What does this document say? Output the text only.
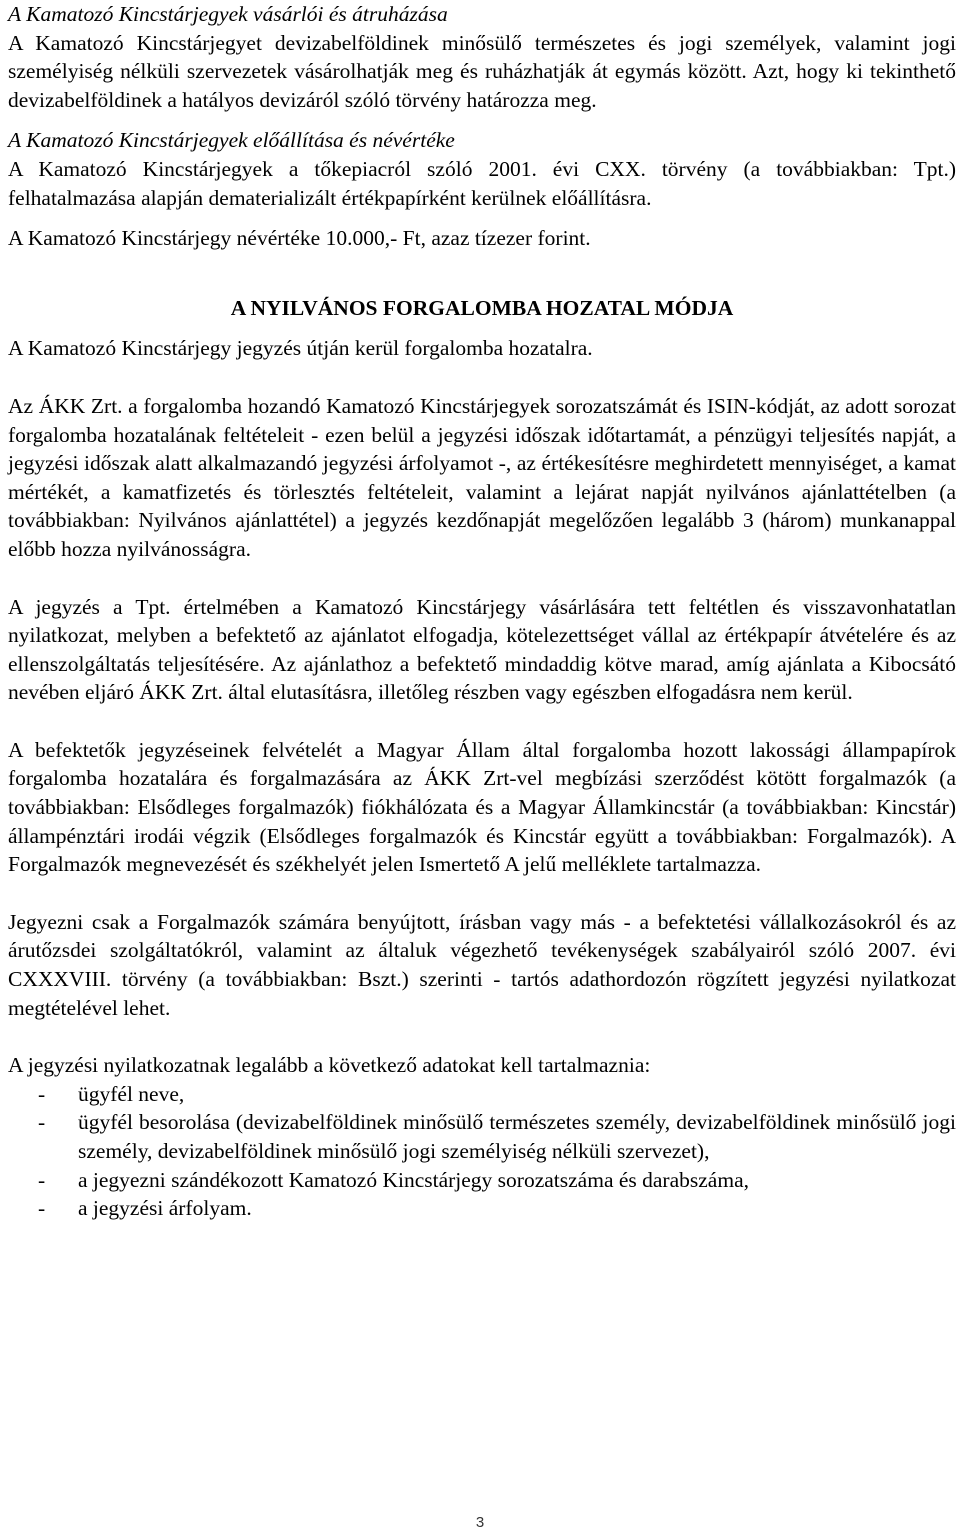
A Kamatozó Kincstárjegyek vásárlói és átruházása

A Kamatozó Kincstárjegyet devizabelföldinek minősülő természetes és jogi személyek, valamint jogi személyiség nélküli szervezetek vásárolhatják meg és ruházhatják át egymás között. Azt, hogy ki tekinthető devizabelföldinek a hatályos devizáról szóló törvény határozza meg.

A Kamatozó Kincstárjegyek előállítása és névértéke

A Kamatozó Kincstárjegyek a tőkepiacról szóló 2001. évi CXX. törvény (a továbbiakban: Tpt.) felhatalmazása alapján dematerializált értékpapírként kerülnek előállításra.

A Kamatozó Kincstárjegy névértéke 10.000,- Ft, azaz tízezer forint.

A NYILVÁNOS FORGALOMBA HOZATAL MÓDJA

A Kamatozó Kincstárjegy jegyzés útján kerül forgalomba hozatalra.

Az ÁKK Zrt. a forgalomba hozandó Kamatozó Kincstárjegyek sorozatszámát és ISIN-kódját, az adott sorozat forgalomba hozatalának feltételeit - ezen belül a jegyzési időszak időtartamát, a pénzügyi teljesítés napját, a jegyzési időszak alatt alkalmazandó jegyzési árfolyamot -, az értékesítésre meghirdetett mennyiséget, a kamat mértékét, a kamatfizetés és törlesztés feltételeit, valamint a lejárat napját nyilvános ajánlattételben (a továbbiakban: Nyilvános ajánlattétel) a jegyzés kezdőnapját megelőzően legalább 3 (három) munkanappal előbb hozza nyilvánosságra.

A jegyzés a Tpt. értelmében a Kamatozó Kincstárjegy vásárlására tett feltétlen és visszavonhatatlan nyilatkozat, melyben a befektető az ajánlatot elfogadja, kötelezettséget vállal az értékpapír átvételére és az ellenszolgáltatás teljesítésére. Az ajánlathoz a befektető mindaddig kötve marad, amíg ajánlata a Kibocsátó nevében eljáró ÁKK Zrt. által elutasításra, illetőleg részben vagy egészben elfogadásra nem kerül.

A befektetők jegyzéseinek felvételét a Magyar Állam által forgalomba hozott lakossági állampapírok forgalomba hozatalára és forgalmazására az ÁKK Zrt-vel megbízási szerződést kötött forgalmazók (a továbbiakban: Elsődleges forgalmazók) fiókhálózata és a Magyar Államkincstár (a továbbiakban: Kincstár) állampénztári irodái végzik (Elsődleges forgalmazók és Kincstár együtt a továbbiakban: Forgalmazók). A Forgalmazók megnevezését és székhelyét jelen Ismertető A jelű melléklete tartalmazza.

Jegyezni csak a Forgalmazók számára benyújtott, írásban vagy más - a befektetési vállalkozásokról és az árutőzsdei szolgáltatókról, valamint az általuk végezhető tevékenységek szabályairól szóló 2007. évi CXXXVIII. törvény (a továbbiakban: Bszt.) szerinti - tartós adathordozón rögzített jegyzési nyilatkozat megtételével lehet.

A jegyzési nyilatkozatnak legalább a következő adatokat kell tartalmaznia:

- ügyfél neve,
- ügyfél besorolása (devizabelföldinek minősülő természetes személy, devizabelföldinek minősülő jogi személy, devizabelföldinek minősülő jogi személyiség nélküli szervezet),
- a jegyezni szándékozott Kamatozó Kincstárjegy sorozatszáma és darabszáma,
- a jegyzési árfolyam.
3
